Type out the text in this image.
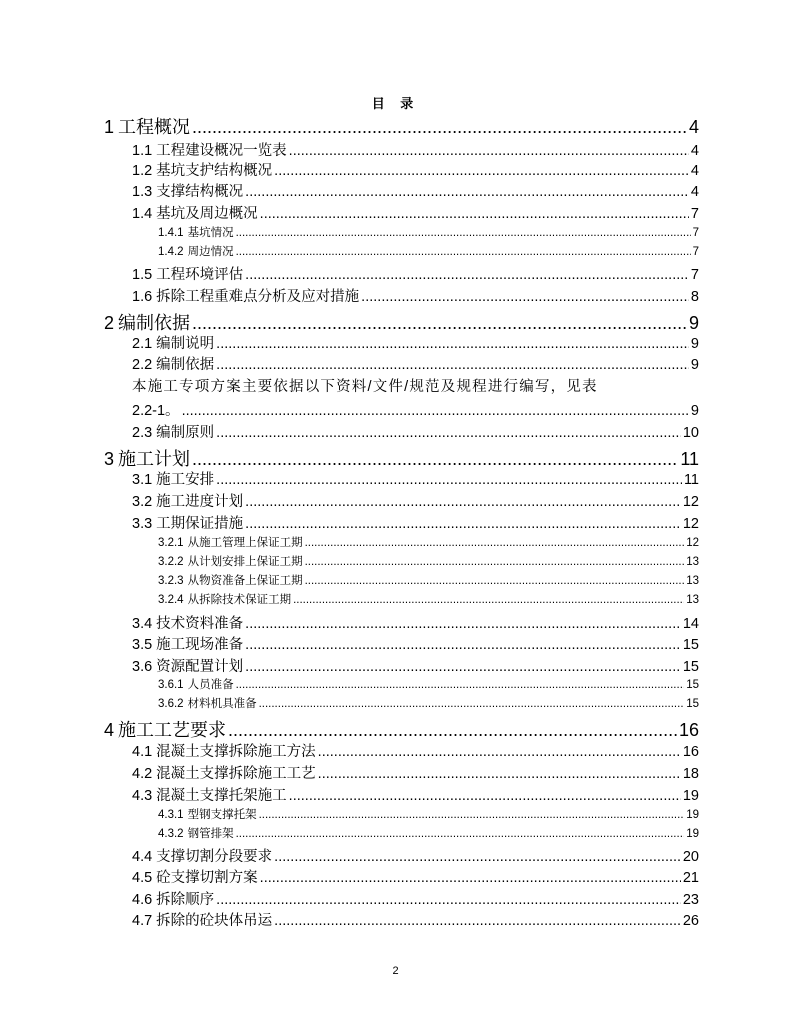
目 录
1 工程概况 .....	4
1.1 工程建设概况一览表 .....	4
1.2 基坑支护结构概况 .....	4
1.3 支撑结构概况 .....	4
1.4 基坑及周边概况 .....	7
1.4.1 基坑情况 .....	7
1.4.2 周边情况 .....	7
1.5 工程环境评估 .....	7
1.6 拆除工程重难点分析及应对措施 .....	8
2 编制依据 .....	9
2.1 编制说明 .....	9
2.2 编制依据 .....	9
本施工专项方案主要依据以下资料/文件/规范及规程进行编写，见表
2.2-1。 .....	9
2.3 编制原则 .....	10
3 施工计划 .....	11
3.1 施工安排 .....	11
3.2 施工进度计划 .....	12
3.3 工期保证措施 .....	12
3.2.1 从施工管理上保证工期 .....	12
3.2.2 从计划安排上保证工期 .....	13
3.2.3 从物资准备上保证工期 .....	13
3.2.4 从拆除技术保证工期 .....	13
3.4 技术资料准备 .....	14
3.5 施工现场准备 .....	15
3.6 资源配置计划 .....	15
3.6.1 人员准备 .....	15
3.6.2 材料机具准备 .....	15
4 施工工艺要求 .....	16
4.1 混凝土支撑拆除施工方法 .....	16
4.2 混凝土支撑拆除施工工艺 .....	18
4.3 混凝土支撑托架施工 .....	19
4.3.1 型钢支撑托架 .....	19
4.3.2 钢管排架 .....	19
4.4 支撑切割分段要求 .....	20
4.5 砼支撑切割方案 .....	21
4.6 拆除顺序 .....	23
4.7 拆除的砼块体吊运 .....	26
2
